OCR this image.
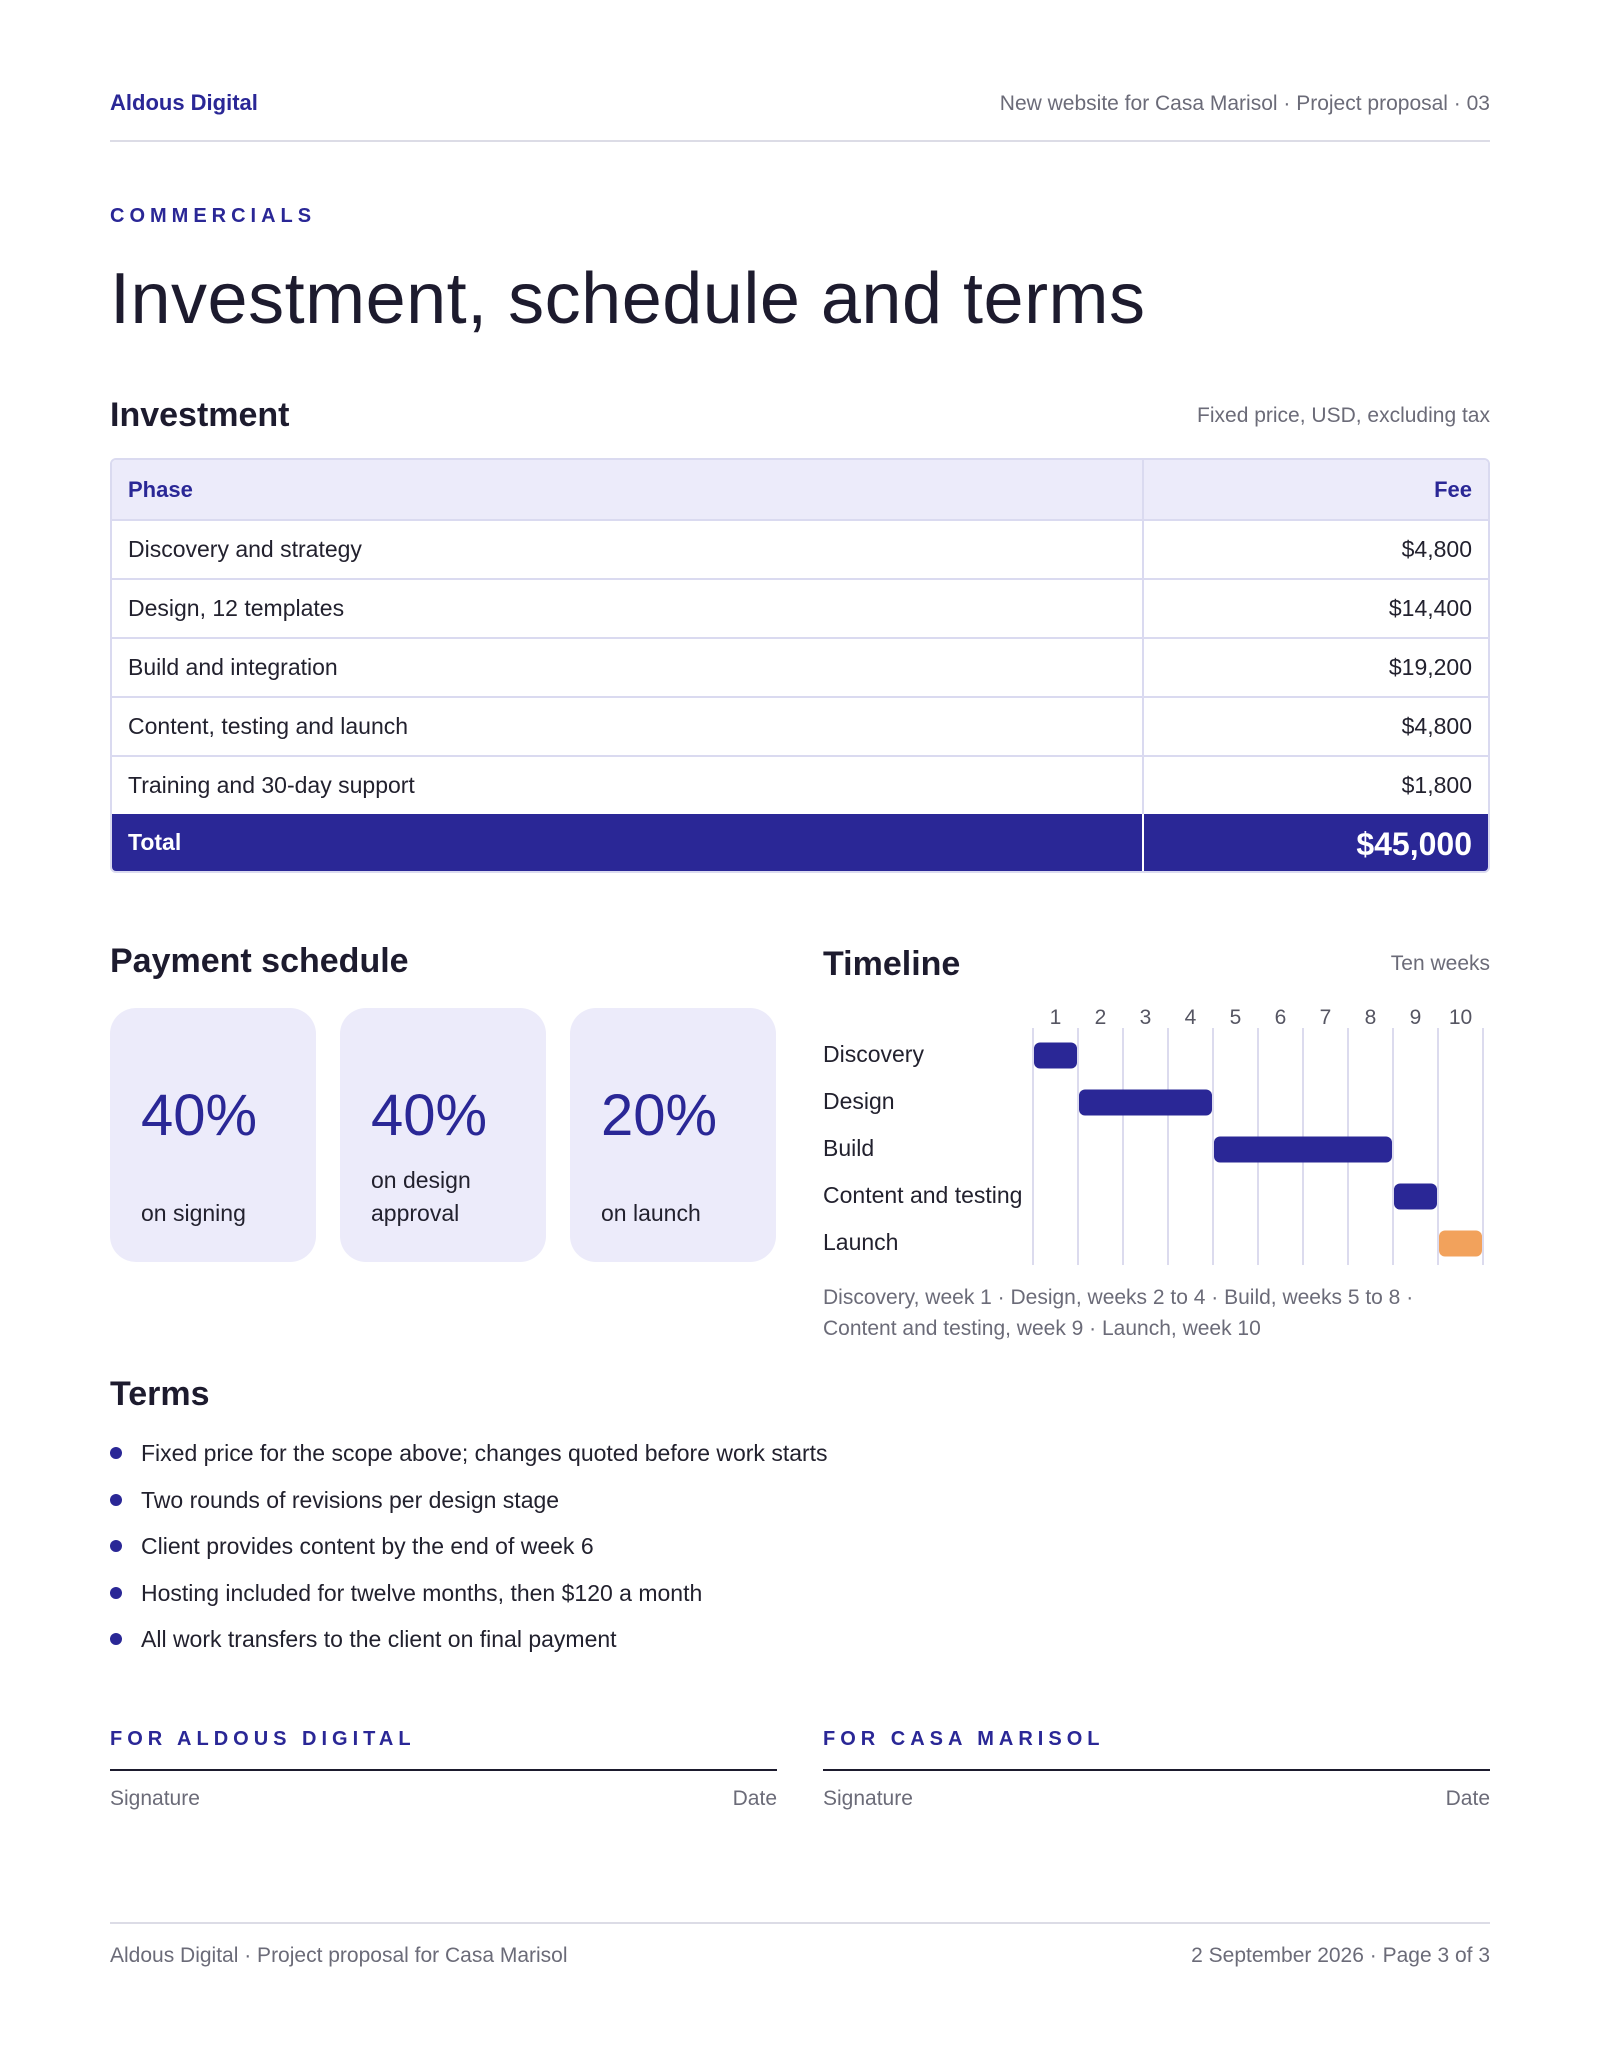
Aldous Digital	New website for Casa Marisol · Project proposal · 03
COMMERCIALS
Investment, schedule and terms
Investment	Fixed price, USD, excluding tax
Phase	Fee
Discovery and strategy	$4,800
Design, 12 templates	$14,400
Build and integration	$19,200
Content, testing and launch	$4,800
Training and 30-day support	$1,800
Total	$45,000
Payment schedule
40%
on signing
40%
on design approval
20%
on launch
Timeline	Ten weeks
1 2 3 4 5 6 7 8 9 10
Discovery
Design
Build
Content and testing
Launch
Discovery, week 1 · Design, weeks 2 to 4 · Build, weeks 5 to 8 ·
Content and testing, week 9 · Launch, week 10
Terms
Fixed price for the scope above; changes quoted before work starts
Two rounds of revisions per design stage
Client provides content by the end of week 6
Hosting included for twelve months, then $120 a month
All work transfers to the client on final payment
FOR ALDOUS DIGITAL
Signature	Date
FOR CASA MARISOL
Signature	Date
Aldous Digital · Project proposal for Casa Marisol	2 September 2026 · Page 3 of 3
